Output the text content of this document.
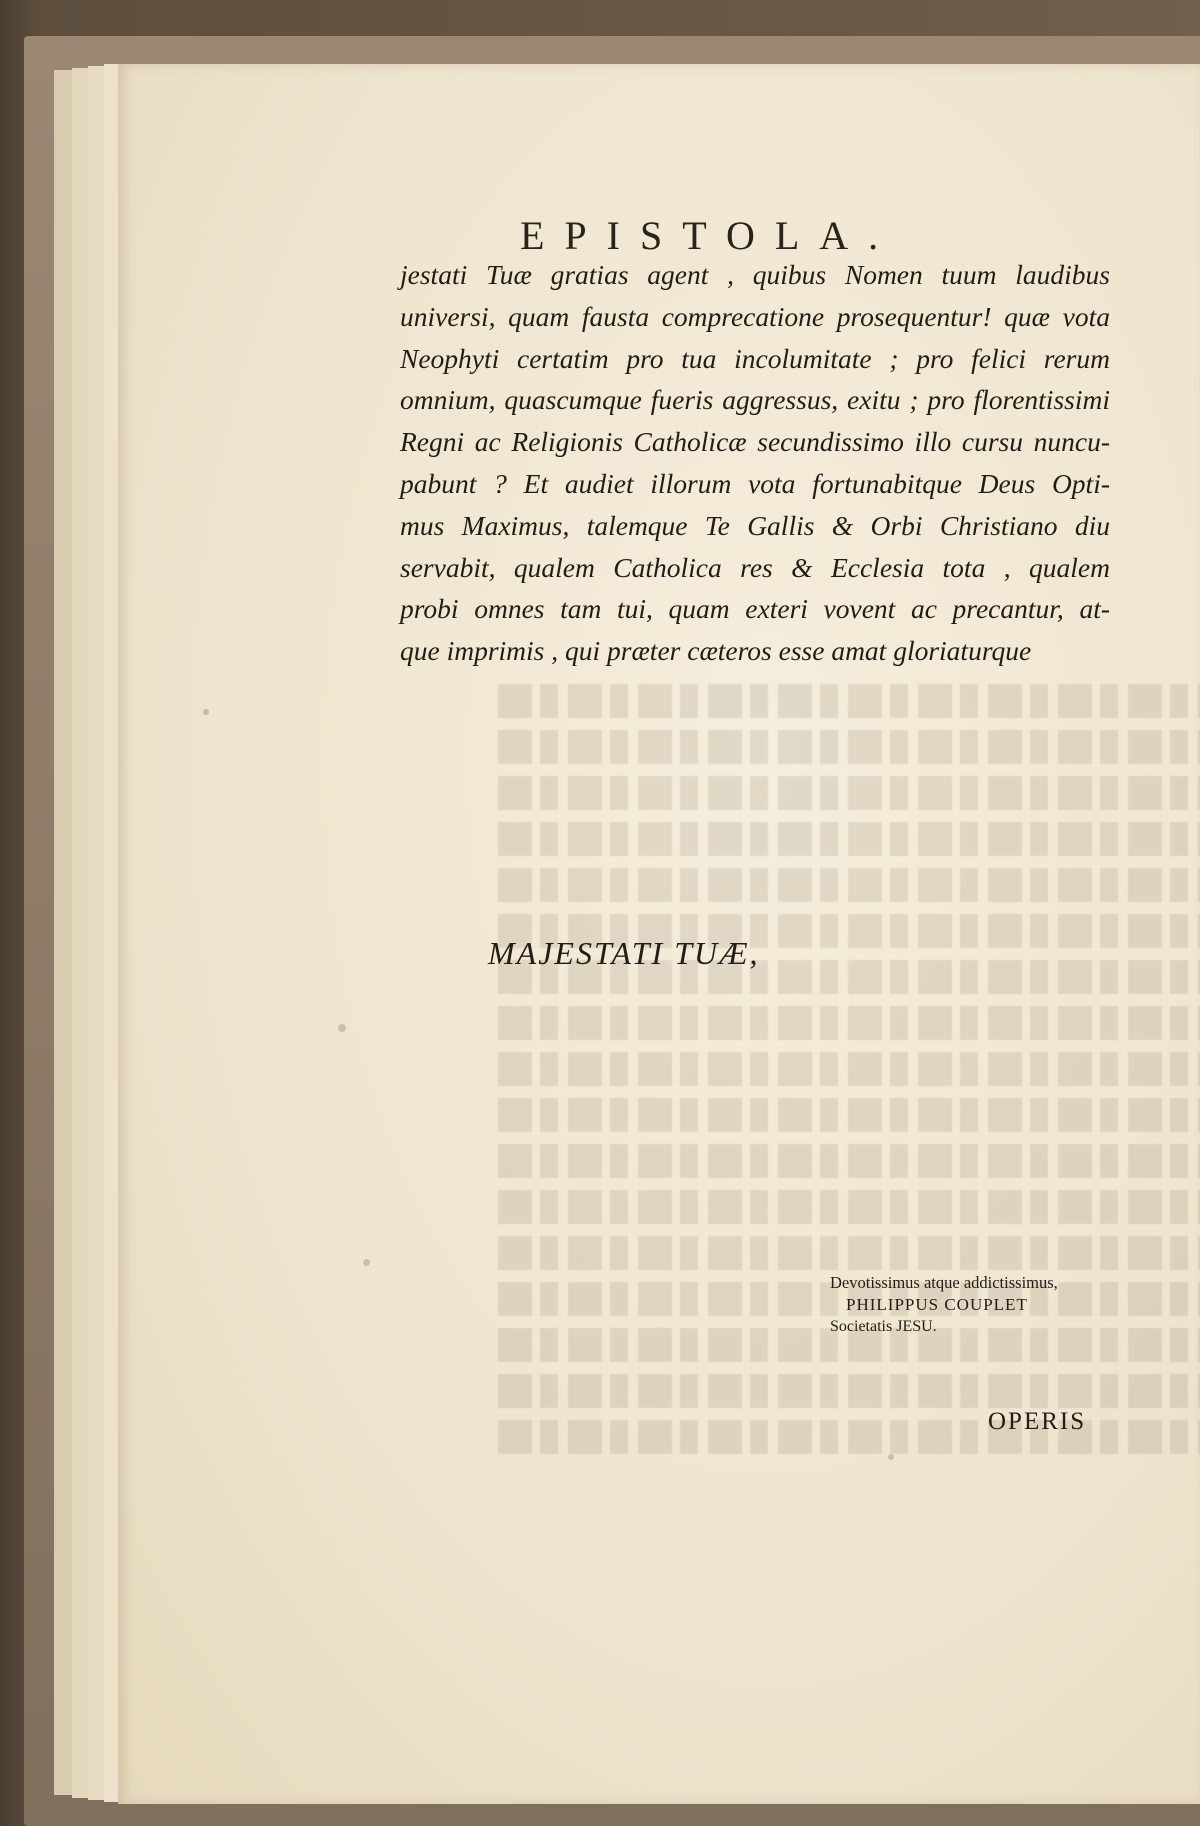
EPISTOLA.
jestati Tuæ gratias agent , quibus Nomen tuum laudibus
universi, quam fausta comprecatione prosequentur! quæ vota
Neophyti certatim pro tua incolumitate ; pro felici rerum
omnium, quascumque fueris aggressus, exitu ; pro florentissimi
Regni ac Religionis Catholicæ secundissimo illo cursu nuncu-
pabunt ? Et audiet illorum vota fortunabitque Deus Opti-
mus Maximus, talemque Te Gallis & Orbi Christiano diu
servabit, qualem Catholica res & Ecclesia tota , qualem
probi omnes tam tui, quam exteri vovent ac precantur, at-
que imprimis , qui præter cæteros esse amat gloriaturque
MAJESTATI TUÆ,
Devotissimus atque addictissimus,
PHILIPPUS COUPLET
Societatis JESU.
OPERIS
